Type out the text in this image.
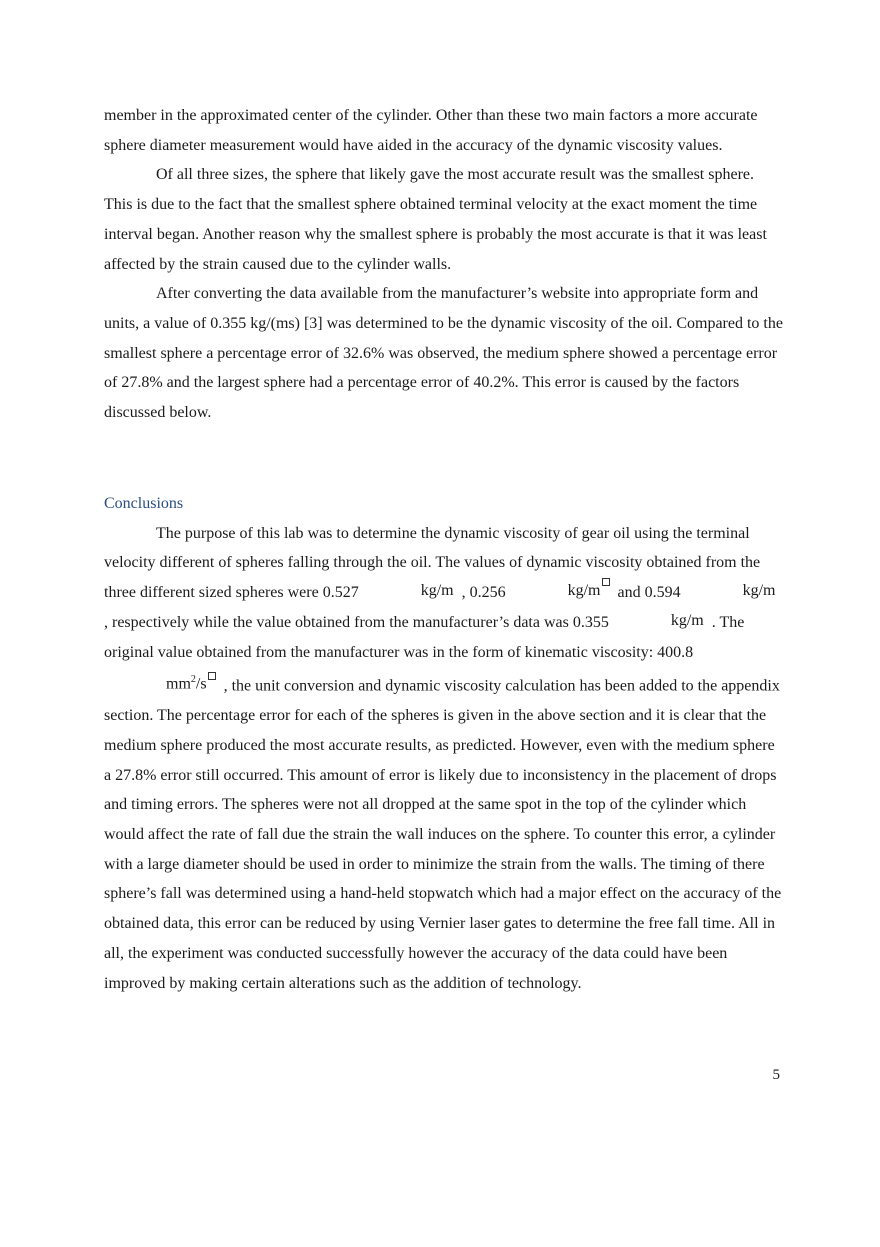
member in the approximated center of the cylinder. Other than these two main factors a more accurate sphere diameter measurement would have aided in the accuracy of the dynamic viscosity values.

Of all three sizes, the sphere that likely gave the most accurate result was the smallest sphere. This is due to the fact that the smallest sphere obtained terminal velocity at the exact moment the time interval began. Another reason why the smallest sphere is probably the most accurate is that it was least affected by the strain caused due to the cylinder walls.

After converting the data available from the manufacturer’s website into appropriate form and units, a value of 0.355 kg/(ms) [3] was determined to be the dynamic viscosity of the oil. Compared to the smallest sphere a percentage error of 32.6% was observed, the medium sphere showed a percentage error of 27.8% and the largest sphere had a percentage error of 40.2%. This error is caused by the factors discussed below.

Conclusions

The purpose of this lab was to determine the dynamic viscosity of gear oil using the terminal velocity different of spheres falling through the oil. The values of dynamic viscosity obtained from the three different sized spheres were 0.527	kg/m , 0.256	kg/m and 0.594	kg/m, respectively while the value obtained from the manufacturer’s data was 0.355	kg/m . The original value obtained from the manufacturer was in the form of kinematic viscosity: $400.8mm^2/s$ , the unit conversion and dynamic viscosity calculation has been added to the appendix section. The percentage error for each of the spheres is given in the above section and it is clear that the medium sphere produced the most accurate results, as predicted. However, even with the medium sphere a 27.8% error still occurred. This amount of error is likely due to inconsistency in the placement of drops and timing errors. The spheres were not all dropped at the same spot in the top of the cylinder which would affect the rate of fall due the strain the wall induces on the sphere. To counter this error, a cylinder with a large diameter should be used in order to minimize the strain from the walls. The timing of there sphere’s fall was determined using a hand-held stopwatch which had a major effect on the accuracy of the obtained data, this error can be reduced by using Vernier laser gates to determine the free fall time. All in all, the experiment was conducted successfully however the accuracy of the data could have been improved by making certain alterations such as the addition of technology.

5
